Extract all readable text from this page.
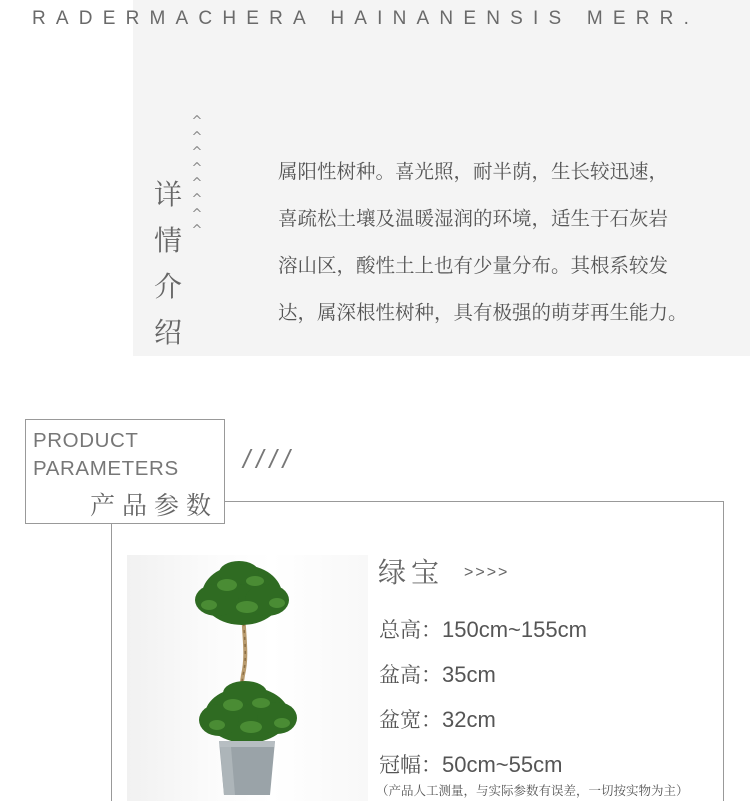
RADERMACHERA HAINANENSIS MERR.
^
^
^
^
^
^
^
^
详
情
介
绍
属阳性树种。喜光照，耐半荫，生长较迅速，
喜疏松土壤及温暖湿润的环境，适生于石灰岩
溶山区，酸性土上也有少量分布。其根系较发
达，属深根性树种，具有极强的萌芽再生能力。
PRODUCT
PARAMETERS
产品参数
////
绿宝 >>>>
总高：150cm~155cm
盆高：35cm
盆宽：32cm
冠幅：50cm~55cm
（产品人工测量，与实际参数有误差，一切按实物为主）
